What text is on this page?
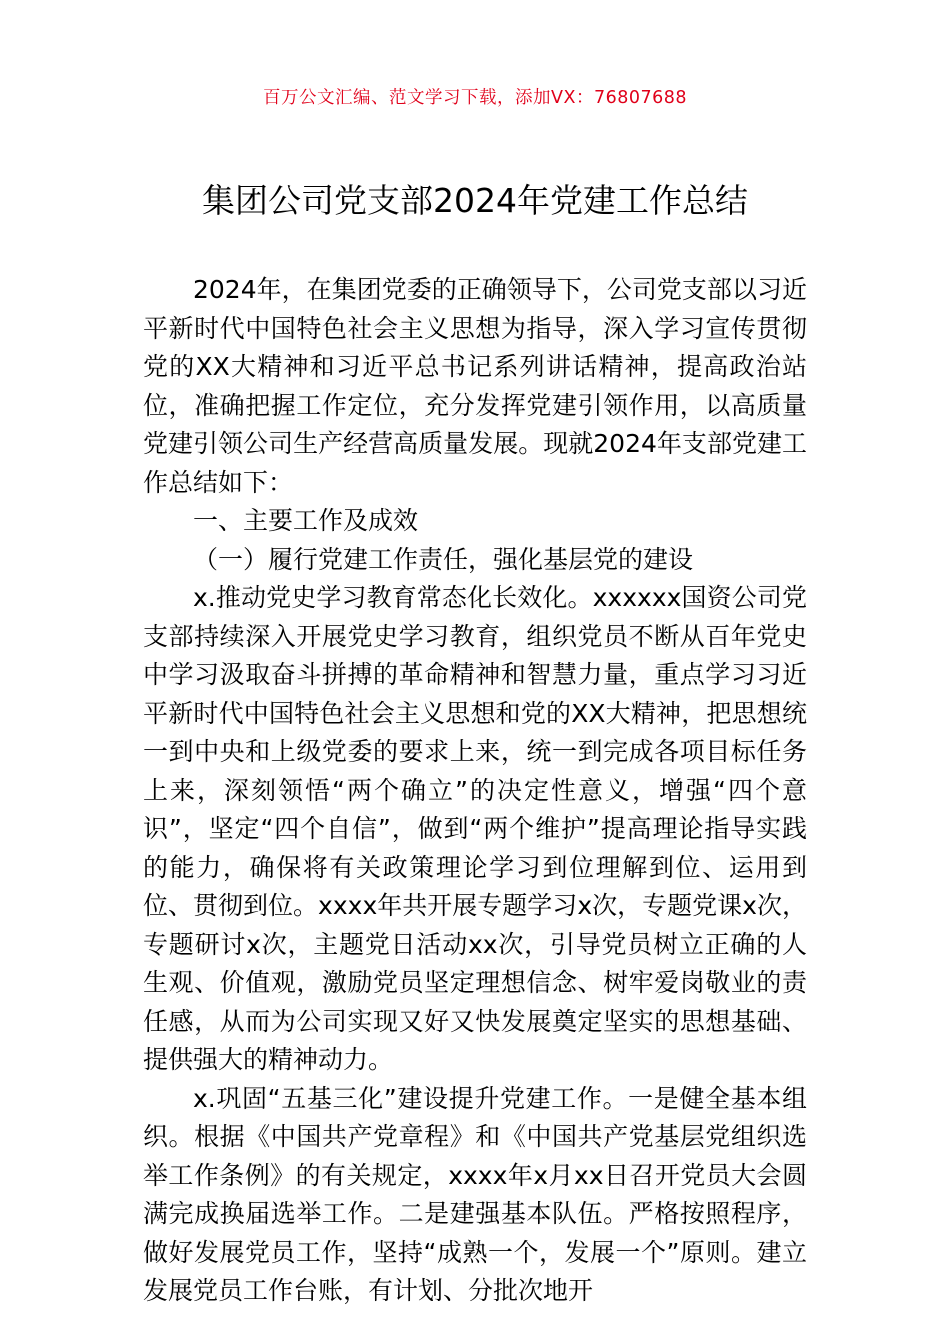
百万公文汇编、范文学习下载，添加VX：76807688
集团公司党支部2024年党建工作总结

2024年，在集团党委的正确领导下，公司党支部以习近平新时代中国特色社会主义思想为指导，深入学习宣传贯彻党的XX大精神和习近平总书记系列讲话精神，提高政治站位，准确把握工作定位，充分发挥党建引领作用，以高质量党建引领公司生产经营高质量发展。现就2024年支部党建工作总结如下：

一、主要工作及成效

（一）履行党建工作责任，强化基层党的建设

x.推动党史学习教育常态化长效化。xxxxxx国资公司党支部持续深入开展党史学习教育，组织党员不断从百年党史中学习汲取奋斗拼搏的革命精神和智慧力量，重点学习习近平新时代中国特色社会主义思想和党的XX大精神，把思想统一到中央和上级党委的要求上来，统一到完成各项目标任务上来，深刻领悟“两个确立”的决定性意义，增强“四个意识”，坚定“四个自信”，做到“两个维护”提高理论指导实践的能力，确保将有关政策理论学习到位理解到位、运用到位、贯彻到位。xxxx年共开展专题学习x次，专题党课x次，专题研讨x次，主题党日活动xx次，引导党员树立正确的人生观、价值观，激励党员坚定理想信念、树牢爱岗敬业的责任感，从而为公司实现又好又快发展奠定坚实的思想基础、提供强大的精神动力。

x.巩固“五基三化”建设提升党建工作。一是健全基本组织。根据《中国共产党章程》和《中国共产党基层党组织选举工作条例》的有关规定，xxxx年x月xx日召开党员大会圆满完成换届选举工作。二是建强基本队伍。严格按照程序，做好发展党员工作，坚持“成熟一个，发展一个”原则。建立发展党员工作台账，有计划、分批次地开
